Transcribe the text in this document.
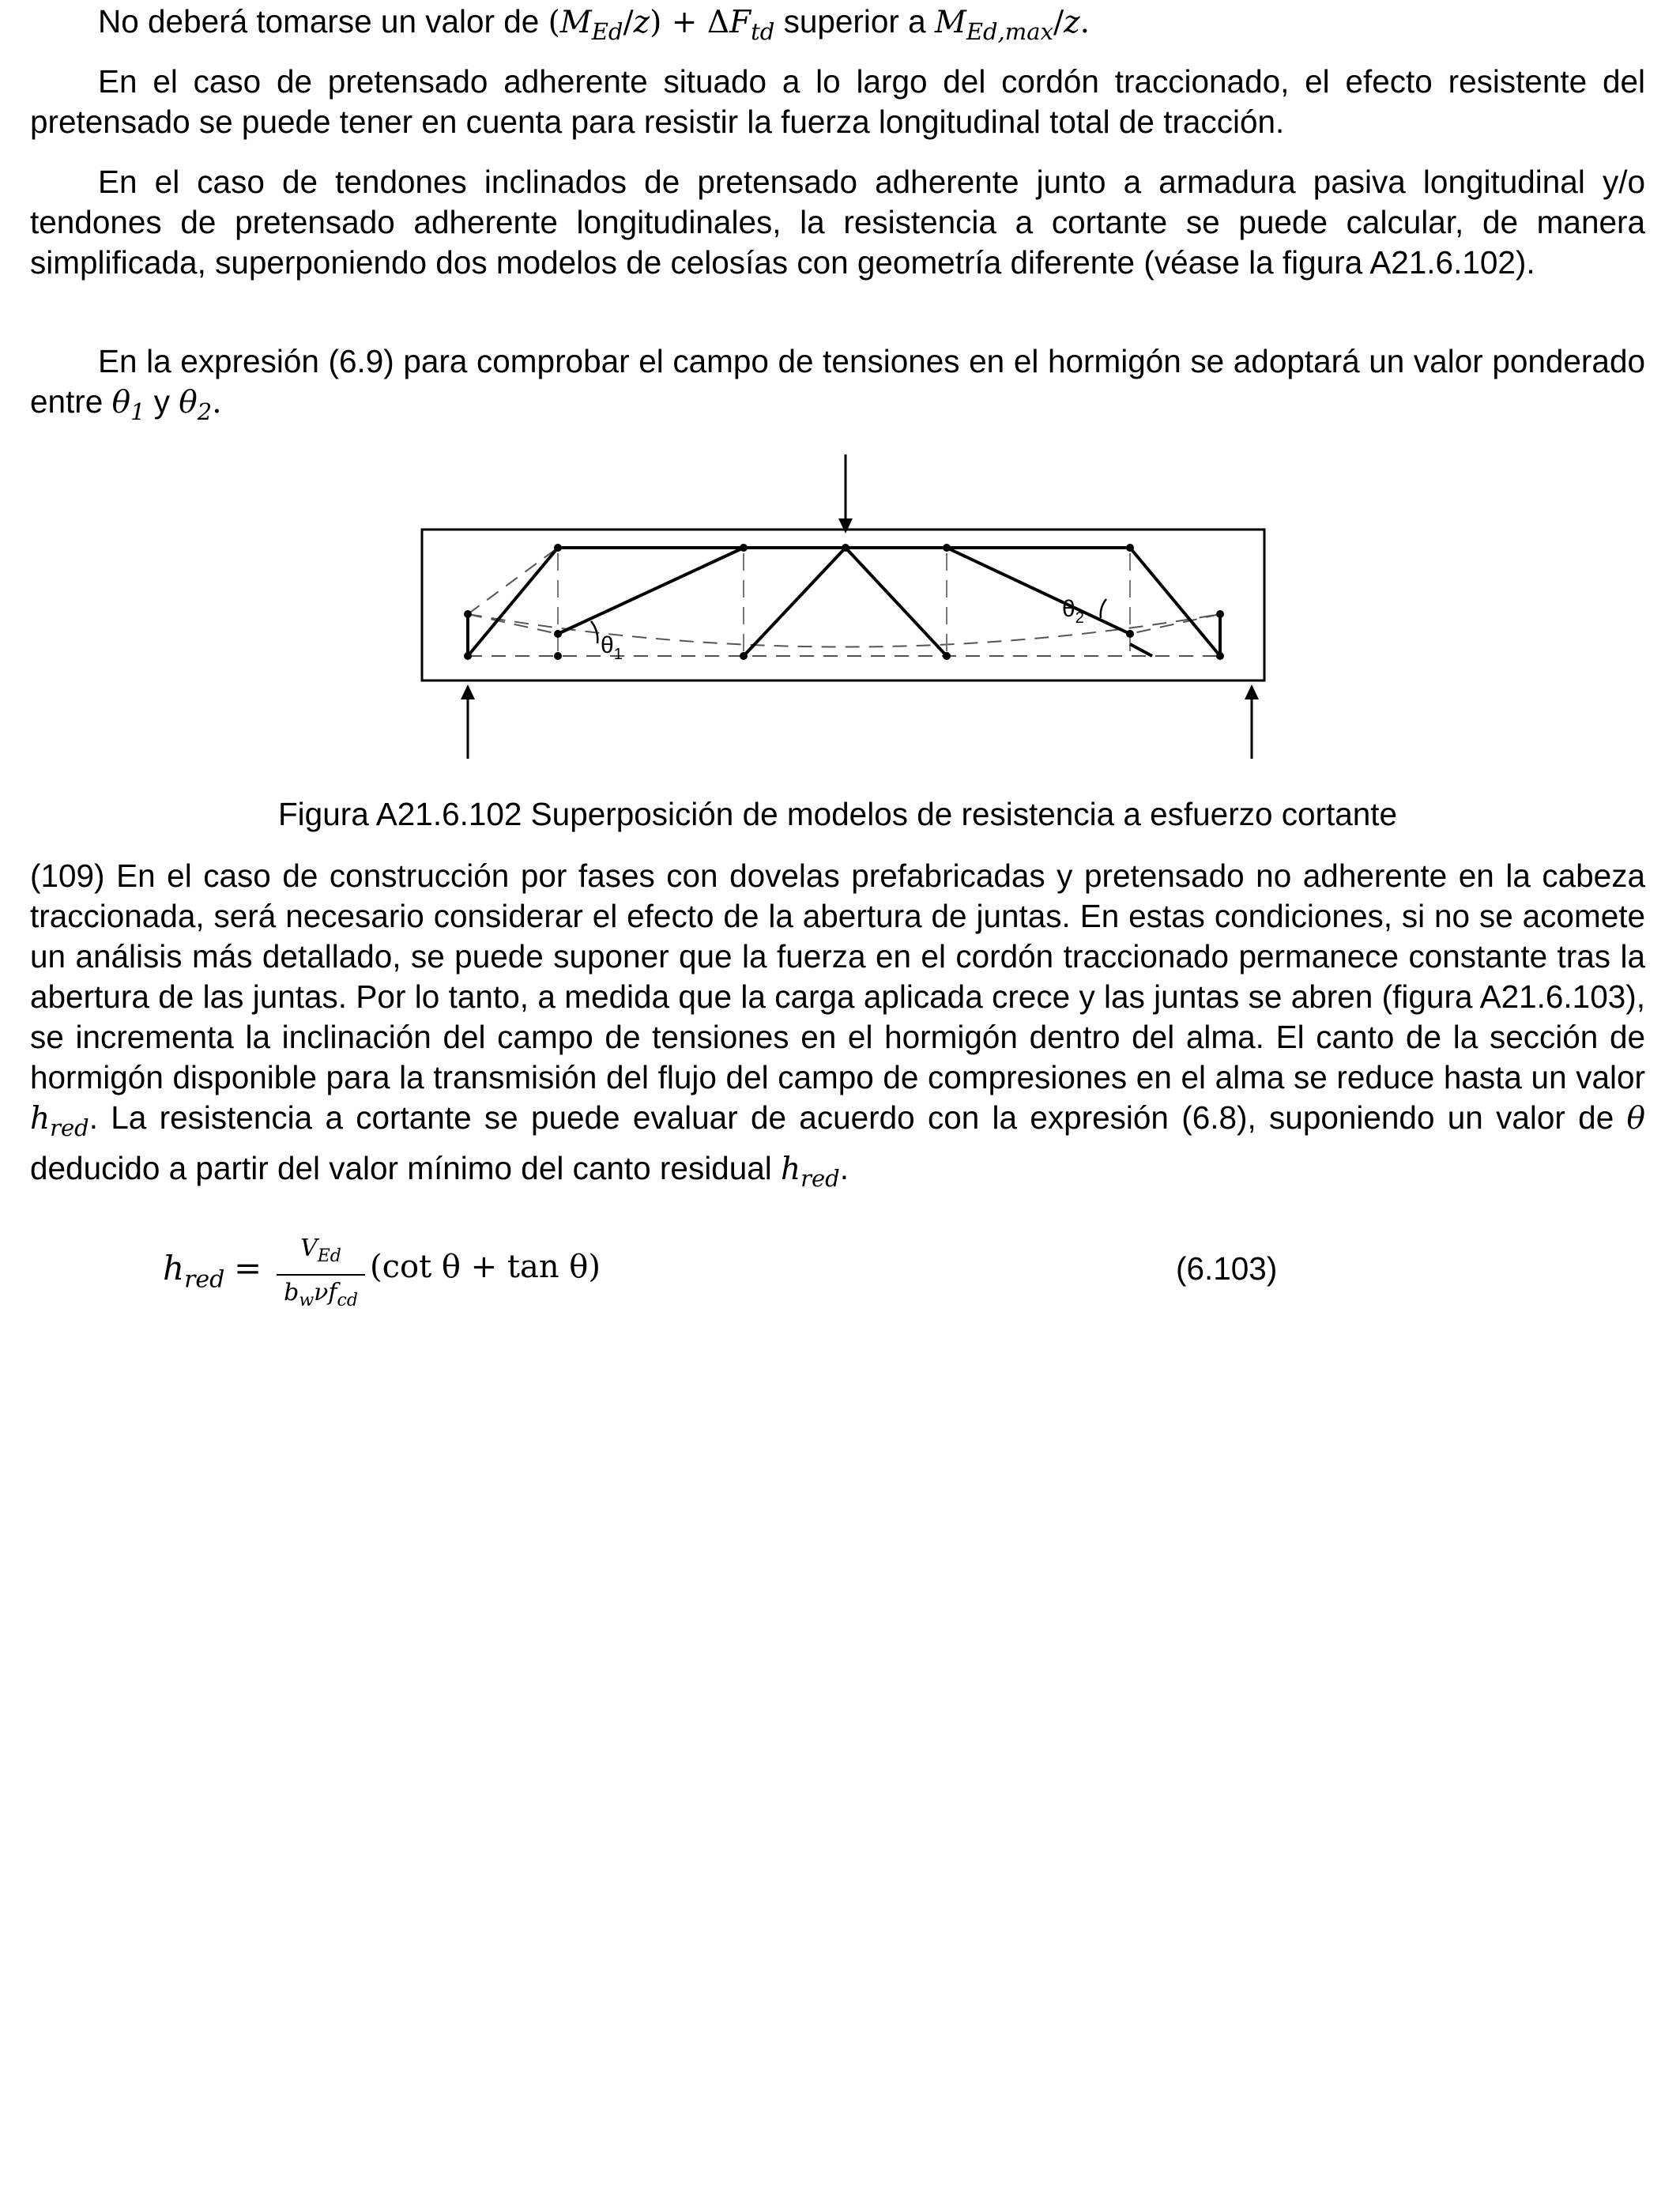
No deberá tomarse un valor de $(M_{Ed}/z) + \Delta F_{td}$ superior a $M_{Ed,max}/z$.

En el caso de pretensado adherente situado a lo largo del cordón traccionado, el efecto resistente del pretensado se puede tener en cuenta para resistir la fuerza longitudinal total de tracción.

En el caso de tendones inclinados de pretensado adherente junto a armadura pasiva longitudinal y/o tendones de pretensado adherente longitudinales, la resistencia a cortante se puede calcular, de manera simplificada, superponiendo dos modelos de celosías con geometría diferente (véase la figura A21.6.102).

En la expresión (6.9) para comprobar el campo de tensiones en el hormigón se adoptará un valor ponderado entre $\theta_1$ y $\theta_2$.

$\theta_1$
$\theta_2$
Figura A21.6.102 Superposición de modelos de resistencia a esfuerzo cortante

(109) En el caso de construcción por fases con dovelas prefabricadas y pretensado no adherente en la cabeza traccionada, será necesario considerar el efecto de la abertura de juntas. En estas condiciones, si no se acomete un análisis más detallado, se puede suponer que la fuerza en el cordón traccionado permanece constante tras la abertura de las juntas. Por lo tanto, a medida que la carga aplicada crece y las juntas se abren (figura A21.6.103), se incrementa la inclinación del campo de tensiones en el hormigón dentro del alma. El canto de la sección de hormigón disponible para la transmisión del flujo del campo de compresiones en el alma se reduce hasta un valor $h_{red}$. La resistencia a cortante se puede evaluar de acuerdo con la expresión (6.8), suponiendo un valor de θ deducido a partir del valor mínimo del canto residual $h_{red}$.

$h_{red}$ =
$V_{Ed}$
$b_w\nu f_{cd}$
(cot θ + tan θ)	(6.103)
